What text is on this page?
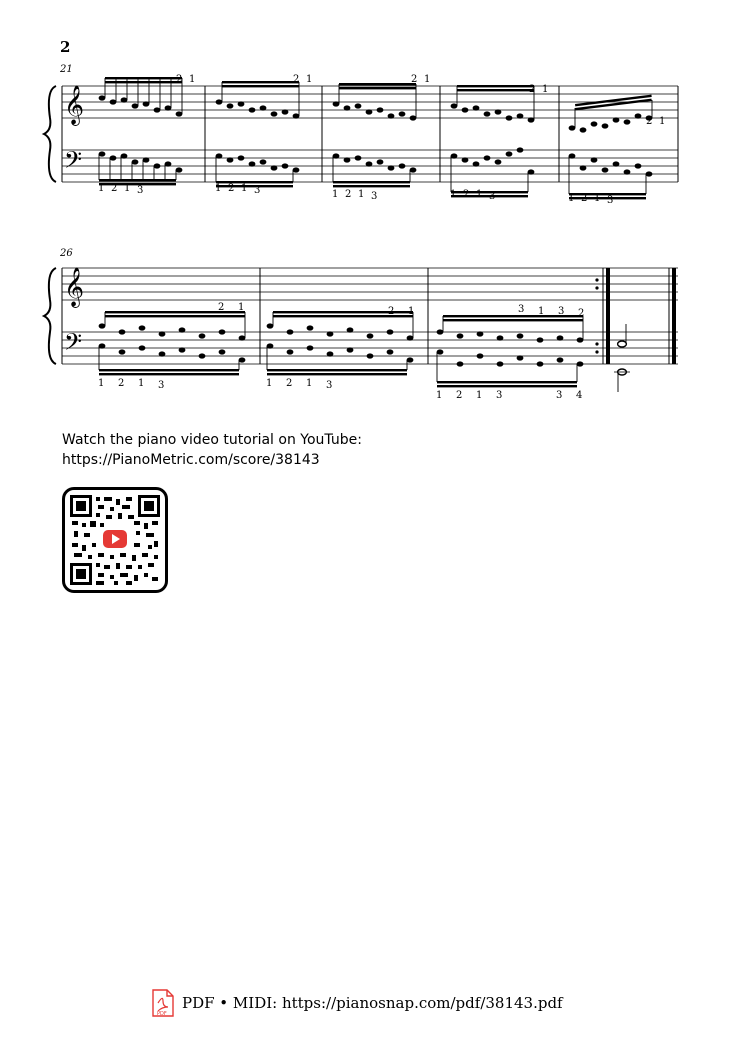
2
21
𝄞
𝄢
2 1	2 1	2 1
2 1
2 1
1 2 1 3	1 2 1 3	1 2 1 3	1 2 1 3	1 2 1 3
26
𝄞
𝄢
2 1	2 1	3 1 3 2
1 2 1 3	1 2 1 3
1 2 1 3	3 4
Watch the piano video tutorial on YouTube:
https://PianoMetric.com/score/38143
PDF
PDF • MIDI: https://pianosnap.com/pdf/38143.pdf
